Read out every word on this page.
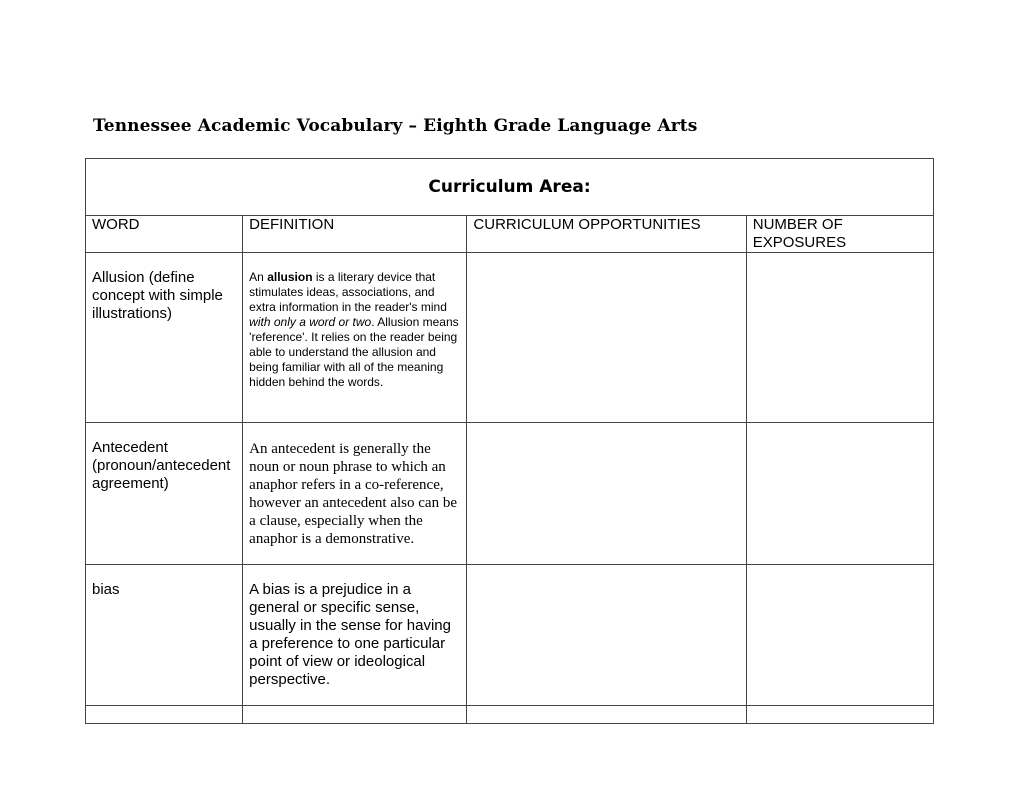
Tennessee Academic Vocabulary – Eighth Grade Language Arts
Curriculum Area:			
WORD	DEFINITION	CURRICULUM OPPORTUNITIES	NUMBER OF
EXPOSURES

Allusion (define concept with simple illustrations)	An allusion is a literary device that stimulates ideas, associations, and extra information in the reader's mind with only a word or two. Allusion means 'reference'. It relies on the reader being able to understand the allusion and being familiar with all of the meaning hidden behind the words.		
Antecedent (pronoun/antecedent agreement)	An antecedent is generally the noun or noun phrase to which an anaphor refers in a co-reference, however an antecedent also can be a clause, especially when the anaphor is a demonstrative.		
bias	A bias is a prejudice in a general or specific sense, usually in the sense for having a preference to one particular point of view or ideological perspective.		
